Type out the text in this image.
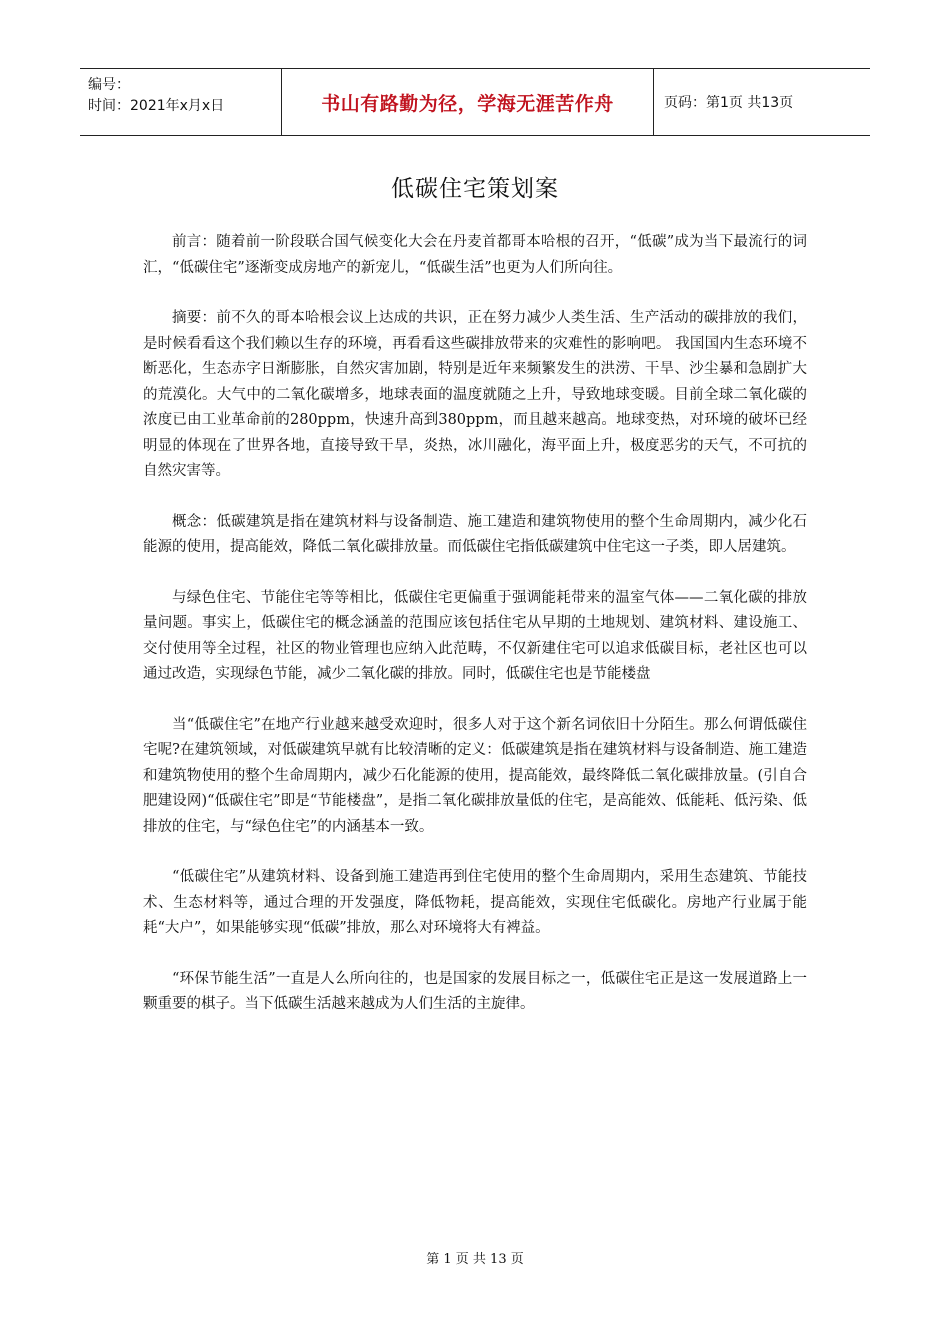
编号：
时间：2021年x月x日	书山有路勤为径，学海无涯苦作舟	页码：第1页 共13页
低碳住宅策划案

前言：随着前一阶段联合国气候变化大会在丹麦首都哥本哈根的召开，“低碳”成为当下最流行的词汇，“低碳住宅”逐渐变成房地产的新宠儿，“低碳生活”也更为人们所向往。

摘要：前不久的哥本哈根会议上达成的共识，正在努力减少人类生活、生产活动的碳排放的我们，是时候看看这个我们赖以生存的环境，再看看这些碳排放带来的灾难性的影响吧。 我国国内生态环境不断恶化，生态赤字日渐膨胀，自然灾害加剧，特别是近年来频繁发生的洪涝、干旱、沙尘暴和急剧扩大的荒漠化。大气中的二氧化碳增多，地球表面的温度就随之上升，导致地球变暖。目前全球二氧化碳的浓度已由工业革命前的280ppm，快速升高到380ppm，而且越来越高。地球变热，对环境的破坏已经明显的体现在了世界各地，直接导致干旱，炎热，冰川融化，海平面上升，极度恶劣的天气，不可抗的自然灾害等。

概念：低碳建筑是指在建筑材料与设备制造、施工建造和建筑物使用的整个生命周期内，减少化石能源的使用，提高能效，降低二氧化碳排放量。而低碳住宅指低碳建筑中住宅这一子类，即人居建筑。

与绿色住宅、节能住宅等等相比，低碳住宅更偏重于强调能耗带来的温室气体——二氧化碳的排放量问题。事实上，低碳住宅的概念涵盖的范围应该包括住宅从早期的土地规划、建筑材料、建设施工、交付使用等全过程，社区的物业管理也应纳入此范畴，不仅新建住宅可以追求低碳目标，老社区也可以通过改造，实现绿色节能，减少二氧化碳的排放。同时，低碳住宅也是节能楼盘

当“低碳住宅”在地产行业越来越受欢迎时，很多人对于这个新名词依旧十分陌生。那么何谓低碳住宅呢?在建筑领域，对低碳建筑早就有比较清晰的定义：低碳建筑是指在建筑材料与设备制造、施工建造和建筑物使用的整个生命周期内，减少石化能源的使用，提高能效，最终降低二氧化碳排放量。(引自合肥建设网)“低碳住宅”即是“节能楼盘”，是指二氧化碳排放量低的住宅，是高能效、低能耗、低污染、低排放的住宅，与“绿色住宅”的内涵基本一致。

“低碳住宅”从建筑材料、设备到施工建造再到住宅使用的整个生命周期内，采用生态建筑、节能技术、生态材料等，通过合理的开发强度，降低物耗，提高能效，实现住宅低碳化。房地产行业属于能耗“大户”，如果能够实现“低碳”排放，那么对环境将大有裨益。

“环保节能生活”一直是人么所向往的，也是国家的发展目标之一，低碳住宅正是这一发展道路上一颗重要的棋子。当下低碳生活越来越成为人们生活的主旋律。

第 1 页 共 13 页
